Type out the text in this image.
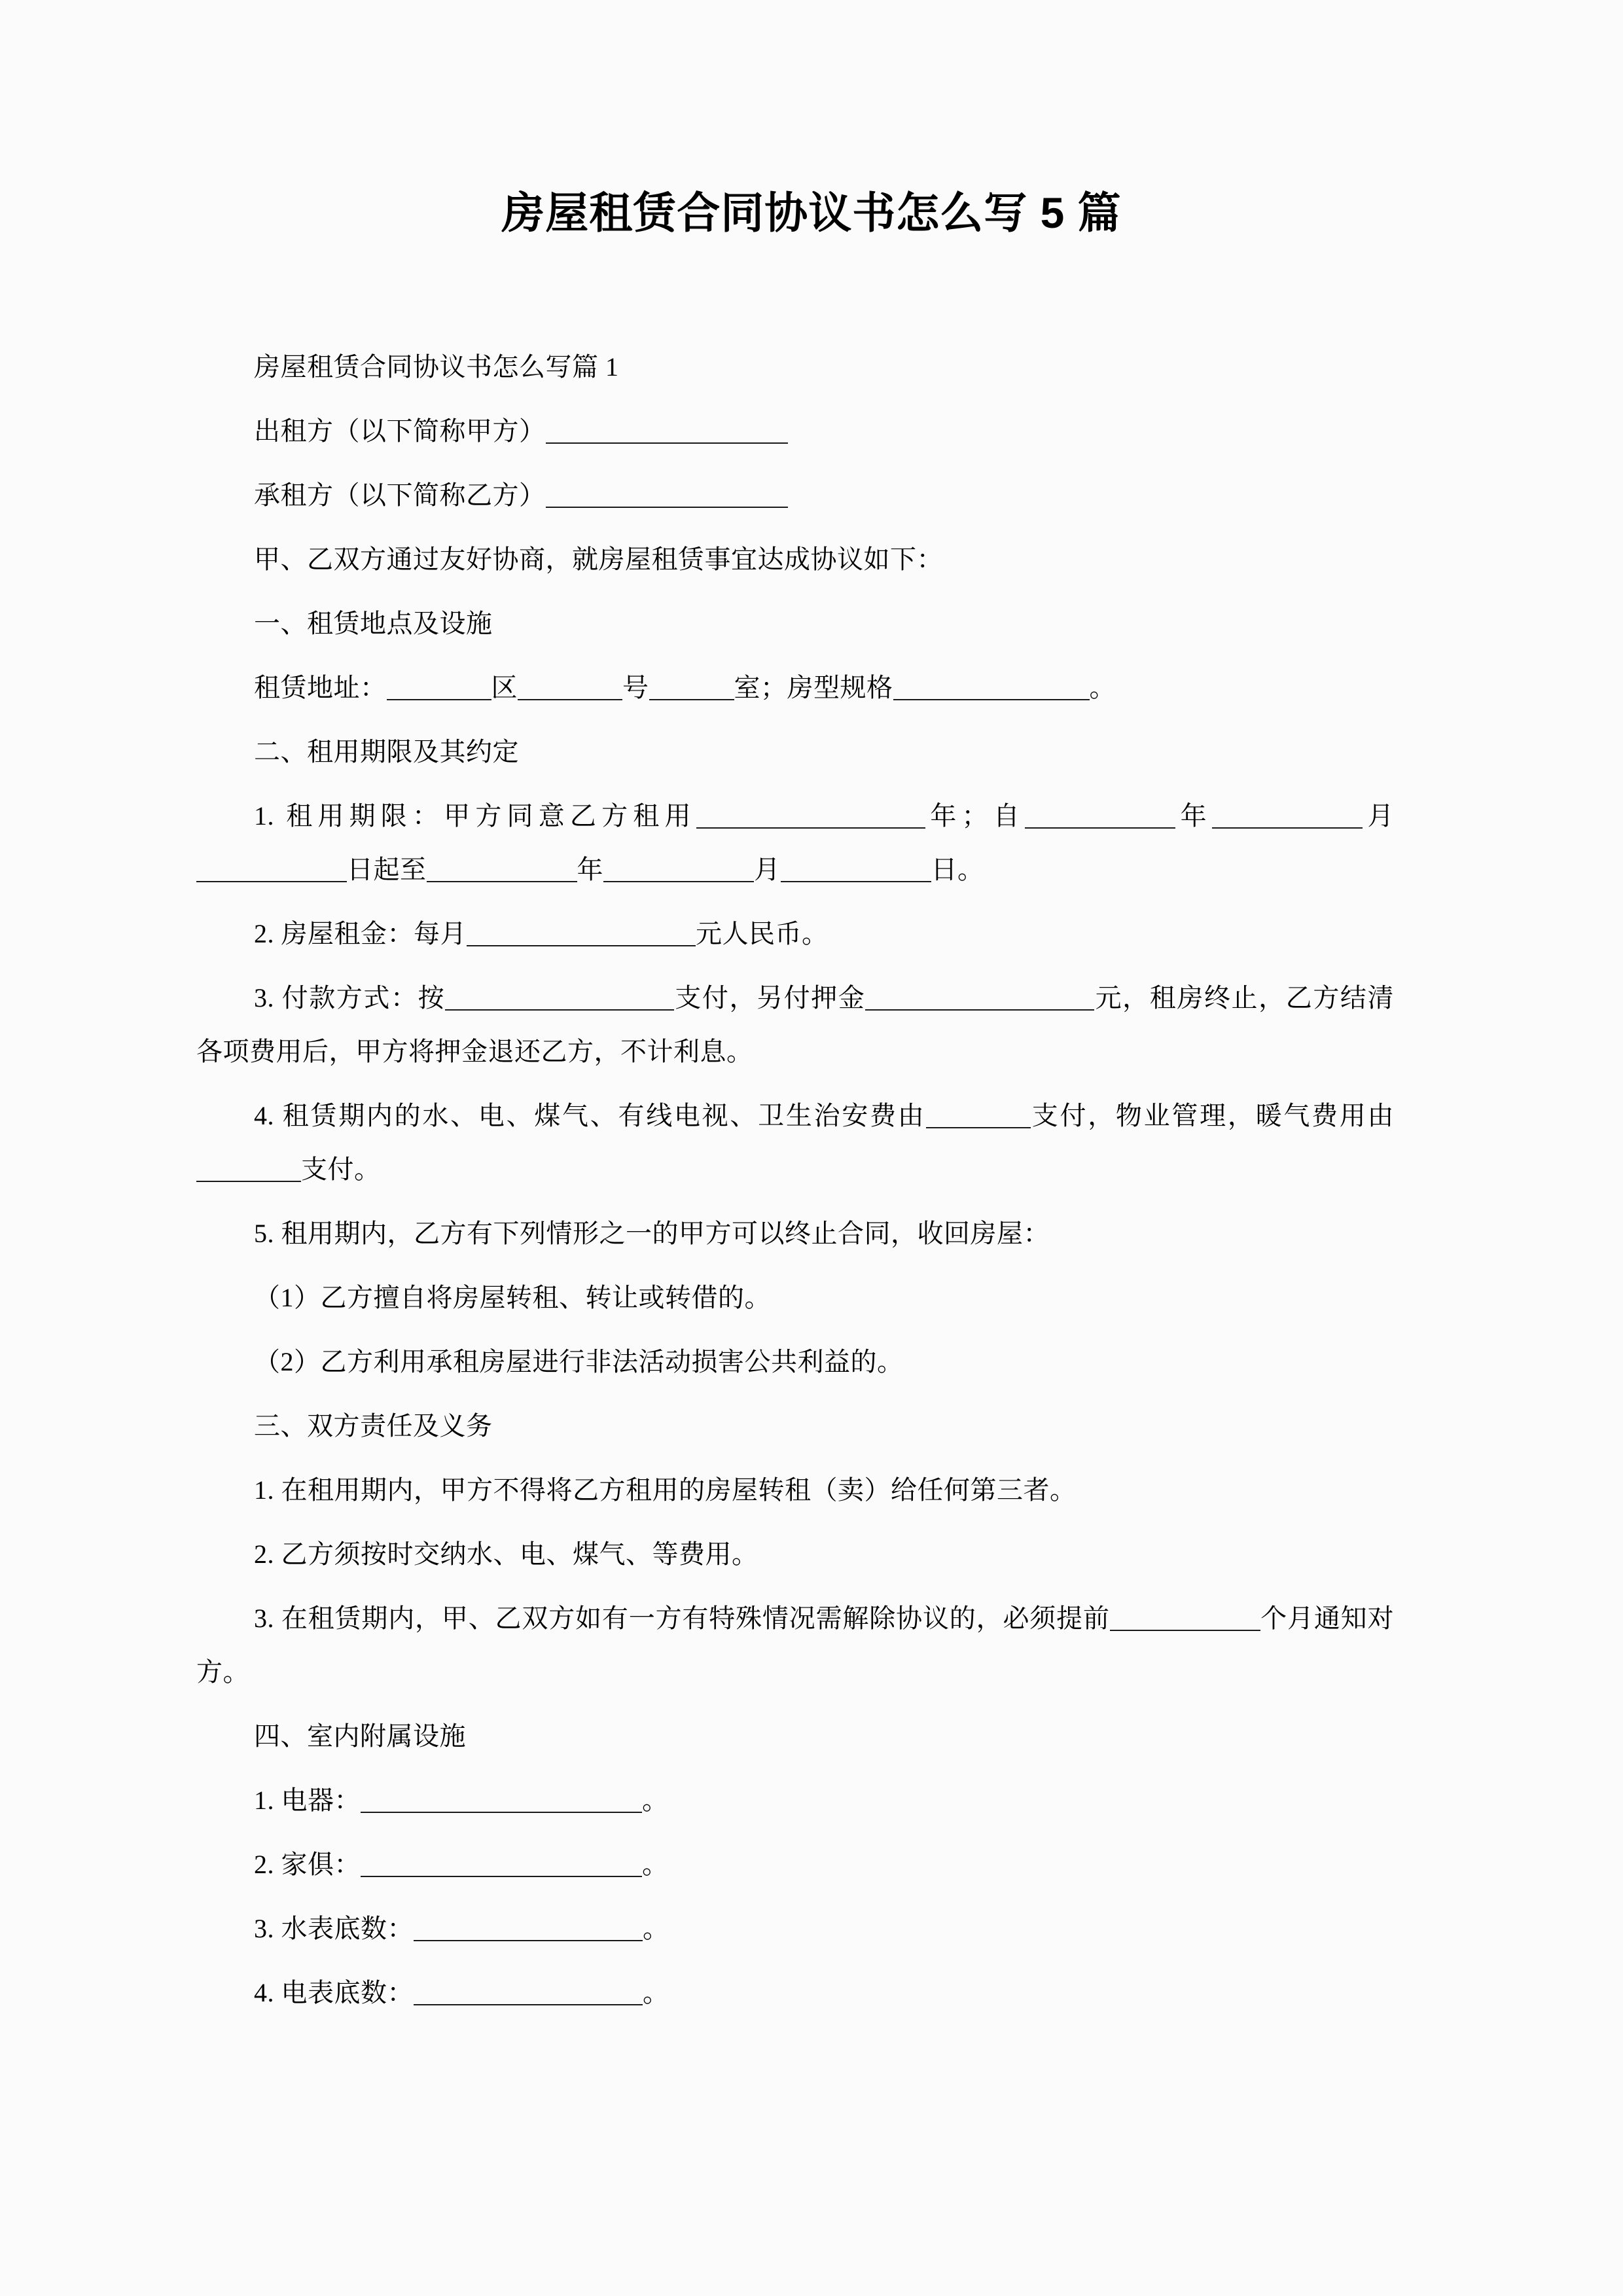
房屋租赁合同协议书怎么写 5 篇

房屋租赁合同协议书怎么写篇 1

出租方（以下简称甲方）

承租方（以下简称乙方）

甲、乙双方通过友好协商，就房屋租赁事宜达成协议如下：

一、租赁地点及设施

租赁地址：	区	号	室；房型规格	。

二、租用期限及其约定

1. 租用期限：甲方同意乙方租用	年；自	年	月日起至	年	月	日。

2. 房屋租金：每月	元人民币。

3. 付款方式：按	支付，另付押金	元，租房终止，乙方结清各项费用后，甲方将押金退还乙方，不计利息。

4. 租赁期内的水、电、煤气、有线电视、卫生治安费由	支付，物业管理，暖气费用由支付。

5. 租用期内，乙方有下列情形之一的甲方可以终止合同，收回房屋：

（1）乙方擅自将房屋转租、转让或转借的。

（2）乙方利用承租房屋进行非法活动损害公共利益的。

三、双方责任及义务

1. 在租用期内，甲方不得将乙方租用的房屋转租（卖）给任何第三者。

2. 乙方须按时交纳水、电、煤气、等费用。

3. 在租赁期内，甲、乙双方如有一方有特殊情况需解除协议的，必须提前	个月通知对方。

四、室内附属设施

1. 电器：	。

2. 家俱：	。

3. 水表底数：	。

4. 电表底数：	。
